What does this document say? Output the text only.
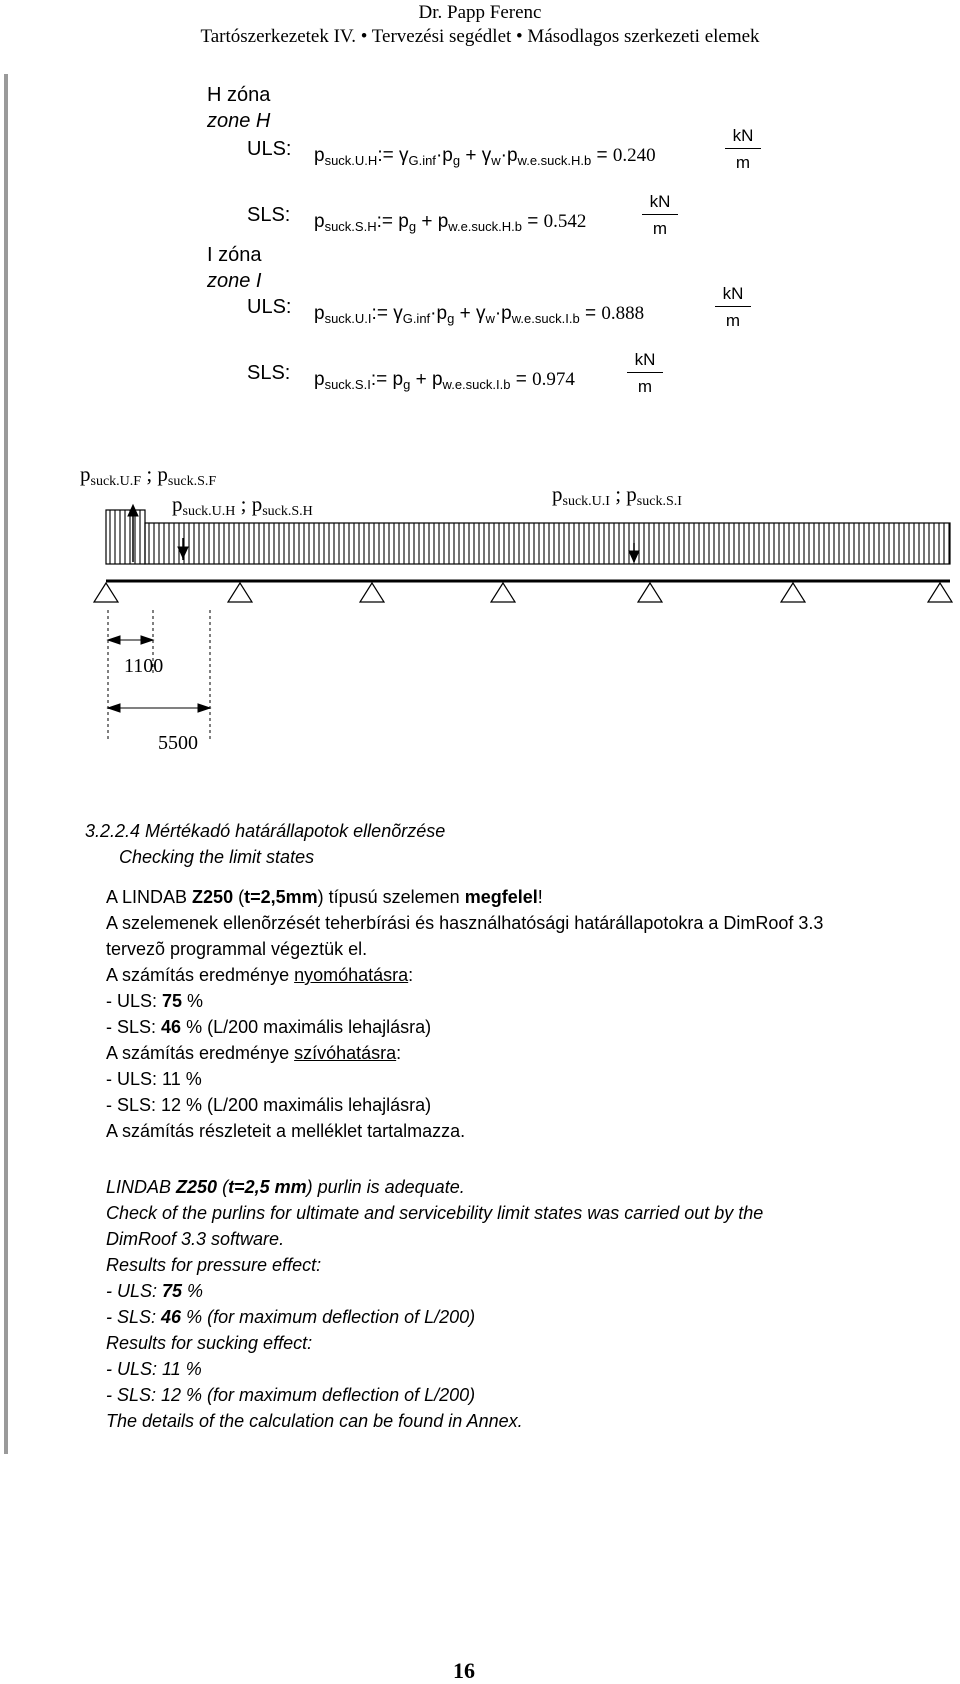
Dr. Papp Ferenc
Tartószerkezetek IV. • Tervezési segédlet • Másodlagos szerkezeti elemek
H zóna
zone H
ULS: $p_{suck.U.H}:= \gamma_{G.inf}\cdot p_g + \gamma_w\cdot p_{w.e.suck.H.b} = 0.240$
kN
m
SLS: $p_{suck.S.H}:= p_g + p_{w.e.suck.H.b} = 0.542$
kN
m
I zóna
zone I
ULS: $p_{suck.U.I}:= \gamma_{G.inf}\cdot p_g + \gamma_w\cdot p_{w.e.suck.I.b} = 0.888$
kN
m
SLS: $p_{suck.S.I}:= p_g + p_{w.e.suck.I.b} = 0.974$
kN
m
$p_{suck.U.F}$ ; $p_{suck.S.F}$
$p_{suck.U.H}$ ; $p_{suck.S.H}$
$p_{suck.U.I}$ ; $p_{suck.S.I}$
1100
5500
3.2.2.4 Mértékadó határállapotok ellenõrzése
Checking the limit states

A LINDAB Z250 (t=2,5mm) típusú szelemen megfelel!

A szelemenek ellenõrzését teherbírási és használhatósági határállapotokra a DimRoof 3.3

tervezõ programmal végeztük el.

A számítás eredménye nyomóhatásra:

- ULS: 75 %

- SLS: 46 % (L/200 maximális lehajlásra)

A számítás eredménye szívóhatásra:

- ULS: 11 %

- SLS: 12 % (L/200 maximális lehajlásra)

A számítás részleteit a melléklet tartalmazza.

LINDAB Z250 (t=2,5 mm) purlin is adequate.

Check of the purlins for ultimate and servicebility limit states was carried out by the

DimRoof 3.3 software.

Results for pressure effect:

- ULS: 75 %

- SLS: 46 % (for maximum deflection of L/200)

Results for sucking effect:

- ULS: 11 %

- SLS: 12 % (for maximum deflection of L/200)

The details of the calculation can be found in Annex.

16
